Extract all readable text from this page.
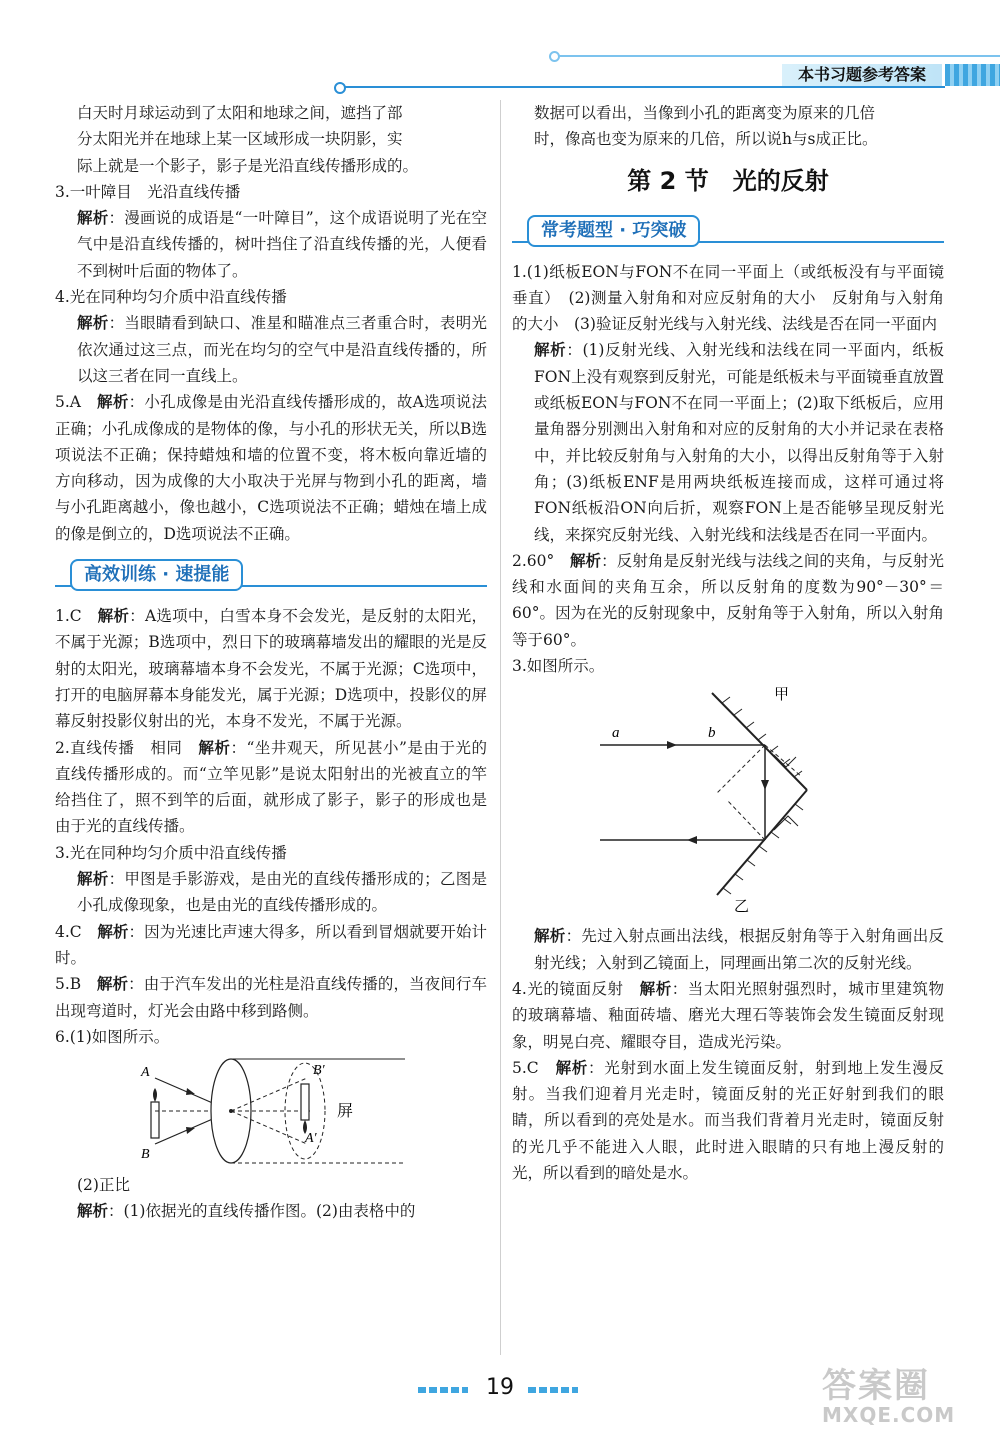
本书习题参考答案

白天时月球运动到了太阳和地球之间，遮挡了部

分太阳光并在地球上某一区域形成一块阴影，实

际上就是一个影子，影子是光沿直线传播形成的。

3.一叶障目　光沿直线传播

解析：漫画说的成语是“一叶障目”，这个成语说明了光在空气中是沿直线传播的，树叶挡住了沿直线传播的光，人便看不到树叶后面的物体了。

4.光在同种均匀介质中沿直线传播

解析：当眼睛看到缺口、准星和瞄准点三者重合时，表明光依次通过这三点，而光在均匀的空气中是沿直线传播的，所以这三者在同一直线上。

5.A　解析：小孔成像是由光沿直线传播形成的，故A选项说法正确；小孔成像成的是物体的像，与小孔的形状无关，所以B选项说法不正确；保持蜡烛和墙的位置不变，将木板向靠近墙的方向移动，因为成像的大小取决于光屏与物到小孔的距离，墙与小孔距离越小，像也越小，C选项说法不正确；蜡烛在墙上成的像是倒立的，D选项说法不正确。

高效训练 · 速提能

1.C　解析：A选项中，白雪本身不会发光，是反射的太阳光，不属于光源；B选项中，烈日下的玻璃幕墙发出的耀眼的光是反射的太阳光，玻璃幕墙本身不会发光，不属于光源；C选项中，打开的电脑屏幕本身能发光，属于光源；D选项中，投影仪的屏幕反射投影仪射出的光，本身不发光，不属于光源。

2.直线传播　相同　解析：“坐井观天，所见甚小”是由于光的直线传播形成的。而“立竿见影”是说太阳射出的光被直立的竿给挡住了，照不到竿的后面，就形成了影子，影子的形成也是由于光的直线传播。

3.光在同种均匀介质中沿直线传播

解析：甲图是手影游戏，是由光的直线传播形成的；乙图是小孔成像现象，也是由光的直线传播形成的。

4.C　解析：因为光速比声速大得多，所以看到冒烟就要开始计时。

5.B　解析：由于汽车发出的光柱是沿直线传播的，当夜间行车出现弯道时，灯光会由路中移到路侧。

6.(1)如图所示。

A
B
B′
A′
屏

(2)正比

解析：(1)依据光的直线传播作图。(2)由表格中的

数据可以看出，当像到小孔的距离变为原来的几倍

时，像高也变为原来的几倍，所以说h与s成正比。

第 2 节　光的反射
常考题型 · 巧突破

1.(1)纸板EON与FON不在同一平面上（或纸板没有与平面镜垂直）　(2)测量入射角和对应反射角的大小　反射角与入射角的大小　(3)验证反射光线与入射光线、法线是否在同一平面内

解析：(1)反射光线、入射光线和法线在同一平面内，纸板FON上没有观察到反射光，可能是纸板未与平面镜垂直放置或纸板EON与FON不在同一平面上；(2)取下纸板后，应用量角器分别测出入射角和对应的反射角的大小并记录在表格中，并比较反射角与入射角的大小，以得出反射角等于入射角；(3)纸板ENF是用两块纸板连接而成，这样可通过将FON纸板沿ON向后折，观察FON上是否能够呈现反射光线，来探究反射光线、入射光线和法线是否在同一平面内。

2.60°　解析：反射角是反射光线与法线之间的夹角，与反射光线和水面间的夹角互余，所以反射角的度数为90°－30°＝60°。因为在光的反射现象中，反射角等于入射角，所以入射角等于60°。

3.如图所示。

甲
乙
a	b

解析：先过入射点画出法线，根据反射角等于入射角画出反射光线；入射到乙镜面上，同理画出第二次的反射光线。

4.光的镜面反射　解析：当太阳光照射强烈时，城市里建筑物的玻璃幕墙、釉面砖墙、磨光大理石等装饰会发生镜面反射现象，明晃白亮、耀眼夺目，造成光污染。

5.C　解析：光射到水面上发生镜面反射，射到地上发生漫反射。当我们迎着月光走时，镜面反射的光正好射到我们的眼睛，所以看到的亮处是水。而当我们背着月光走时，镜面反射的光几乎不能进入人眼，此时进入眼睛的只有地上漫反射的光，所以看到的暗处是水。

19	答案圈
MXQE.COM
